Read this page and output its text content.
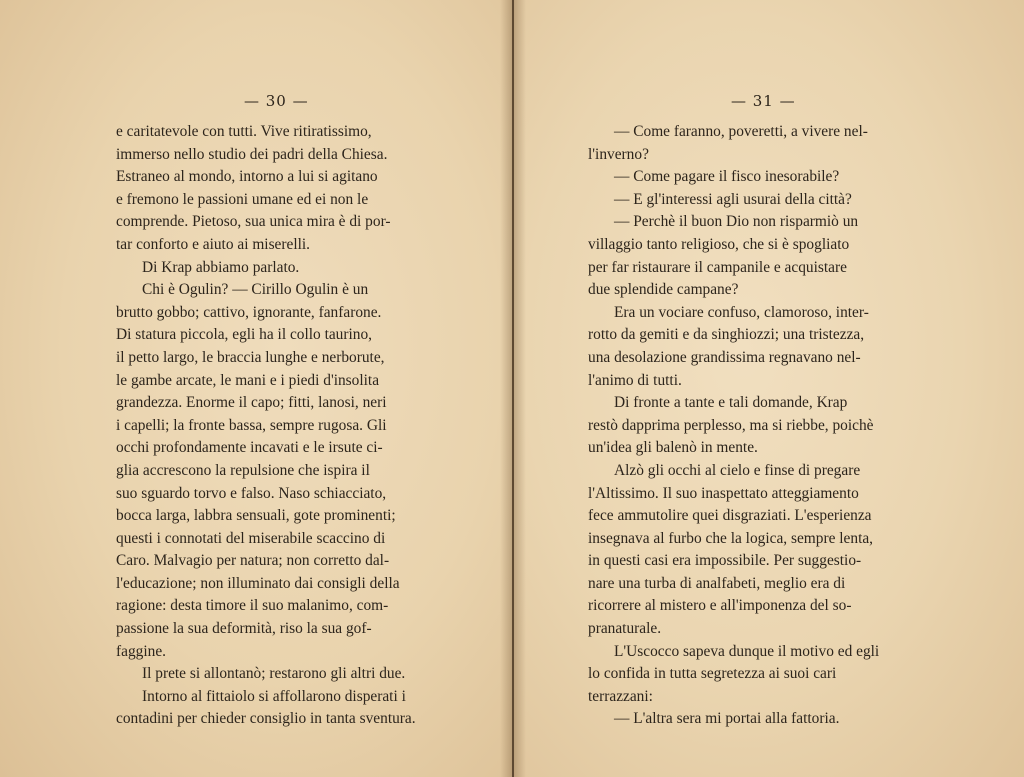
— 30 —	— 31 —

e caritatevole con tutti. Vive ritiratissimo,

immerso nello studio dei padri della Chiesa.

Estraneo al mondo, intorno a lui si agitano

e fremono le passioni umane ed ei non le

comprende. Pietoso, sua unica mira è di por-

tar conforto e aiuto ai miserelli.

Di Krap abbiamo parlato.

Chi è Ogulin? — Cirillo Ogulin è un

brutto gobbo; cattivo, ignorante, fanfarone.

Di statura piccola, egli ha il collo taurino,

il petto largo, le braccia lunghe e nerborute,

le gambe arcate, le mani e i piedi d'insolita

grandezza. Enorme il capo; fitti, lanosi, neri

i capelli; la fronte bassa, sempre rugosa. Gli

occhi profondamente incavati e le irsute ci-

glia accrescono la repulsione che ispira il

suo sguardo torvo e falso. Naso schiacciato,

bocca larga, labbra sensuali, gote prominenti;

questi i connotati del miserabile scaccino di

Caro. Malvagio per natura; non corretto dal-

l'educazione; non illuminato dai consigli della

ragione: desta timore il suo malanimo, com-

passione la sua deformità, riso la sua gof-

faggine.

Il prete si allontanò; restarono gli altri due.

Intorno al fittaiolo si affollarono disperati i

contadini per chieder consiglio in tanta sventura.

— Come faranno, poveretti, a vivere nel-

l'inverno?

— Come pagare il fisco inesorabile?

— E gl'interessi agli usurai della città?

— Perchè il buon Dio non risparmiò un

villaggio tanto religioso, che si è spogliato

per far ristaurare il campanile e acquistare

due splendide campane?

Era un vociare confuso, clamoroso, inter-

rotto da gemiti e da singhiozzi; una tristezza,

una desolazione grandissima regnavano nel-

l'animo di tutti.

Di fronte a tante e tali domande, Krap

restò dapprima perplesso, ma si riebbe, poichè

un'idea gli balenò in mente.

Alzò gli occhi al cielo e finse di pregare

l'Altissimo. Il suo inaspettato atteggiamento

fece ammutolire quei disgraziati. L'esperienza

insegnava al furbo che la logica, sempre lenta,

in questi casi era impossibile. Per suggestio-

nare una turba di analfabeti, meglio era di

ricorrere al mistero e all'imponenza del so-

pranaturale.

L'Uscocco sapeva dunque il motivo ed egli

lo confida in tutta segretezza ai suoi cari

terrazzani:

— L'altra sera mi portai alla fattoria.
